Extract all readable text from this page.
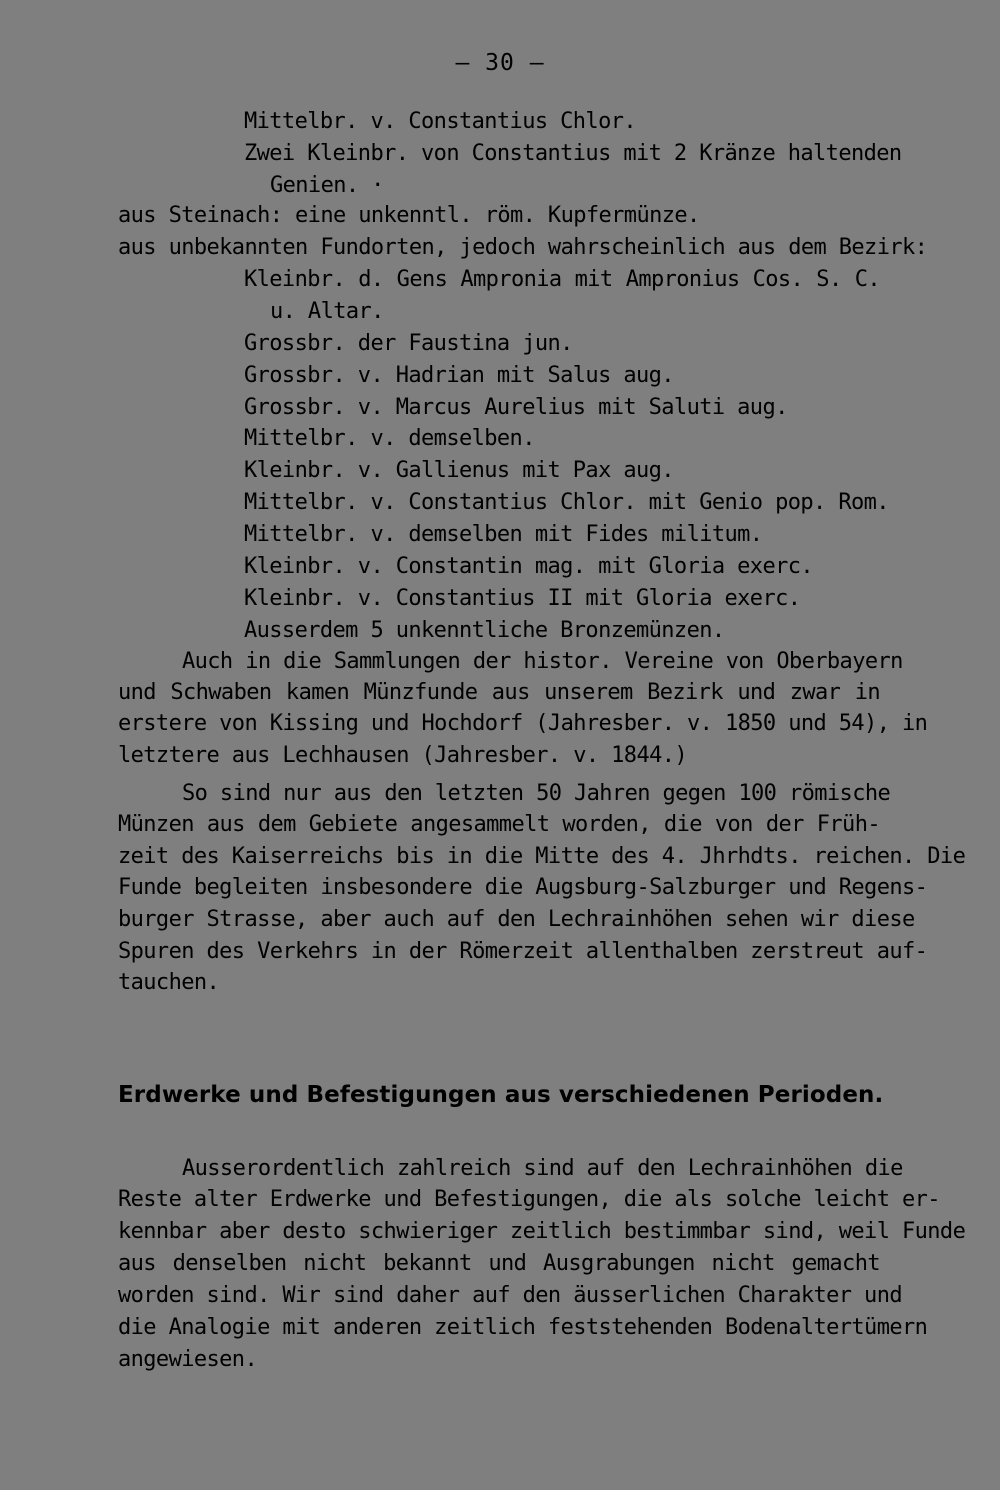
— 30 —
Mittelbr. v. Constantius Chlor.
Zwei Kleinbr. von Constantius mit 2 Kränze haltenden
Genien. ·
aus Steinach: eine unkenntl. röm. Kupfermünze.
aus unbekannten Fundorten, jedoch wahrscheinlich aus dem Bezirk:
Kleinbr. d. Gens Ampronia mit Ampronius Cos. S. C.
u. Altar.
Grossbr. der Faustina jun.
Grossbr. v. Hadrian mit Salus aug.
Grossbr. v. Marcus Aurelius mit Saluti aug.
Mittelbr. v. demselben.
Kleinbr. v. Gallienus mit Pax aug.
Mittelbr. v. Constantius Chlor. mit Genio pop. Rom.
Mittelbr. v. demselben mit Fides militum.
Kleinbr. v. Constantin mag. mit Gloria exerc.
Kleinbr. v. Constantius II mit Gloria exerc.
Ausserdem 5 unkenntliche Bronzemünzen.
Auch in die Sammlungen der histor. Vereine von Oberbayern
und Schwaben kamen Münzfunde aus unserem Bezirk und zwar in
erstere von Kissing und Hochdorf (Jahresber. v. 1850 und 54), in
letztere aus Lechhausen (Jahresber. v. 1844.)
So sind nur aus den letzten 50 Jahren gegen 100 römische
Münzen aus dem Gebiete angesammelt worden, die von der Früh-
zeit des Kaiserreichs bis in die Mitte des 4. Jhrhdts. reichen. Die
Funde begleiten insbesondere die Augsburg-Salzburger und Regens-
burger Strasse, aber auch auf den Lechrainhöhen sehen wir diese
Spuren des Verkehrs in der Römerzeit allenthalben zerstreut auf-
tauchen.
Erdwerke und Befestigungen aus verschiedenen Perioden.
Ausserordentlich zahlreich sind auf den Lechrainhöhen die
Reste alter Erdwerke und Befestigungen, die als solche leicht er-
kennbar aber desto schwieriger zeitlich bestimmbar sind, weil Funde
aus denselben nicht bekannt und Ausgrabungen nicht gemacht
worden sind. Wir sind daher auf den äusserlichen Charakter und
die Analogie mit anderen zeitlich feststehenden Bodenaltertümern
angewiesen.
